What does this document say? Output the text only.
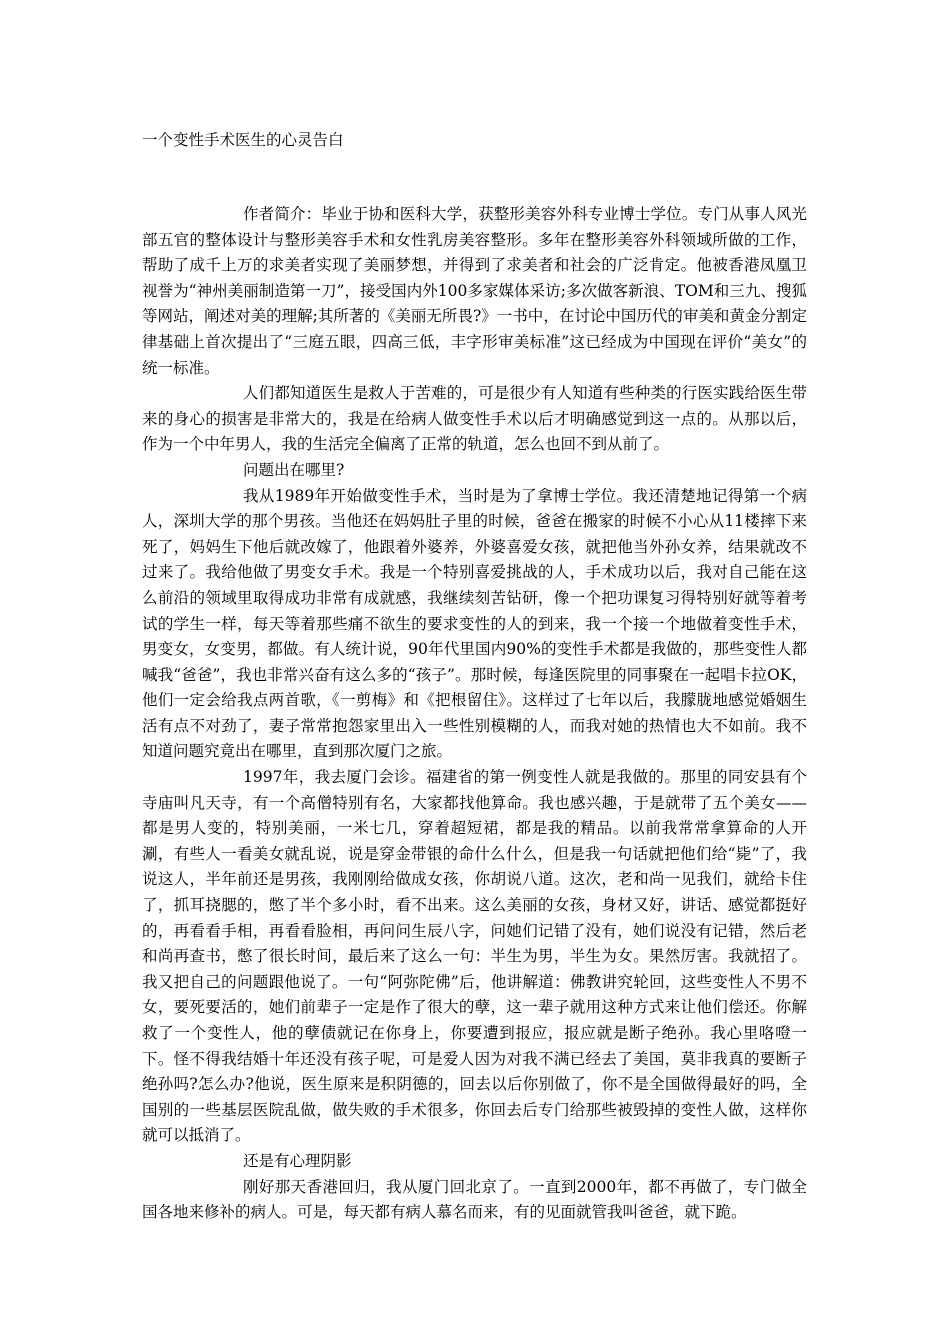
一个变性手术医生的心灵告白

作者简介：毕业于协和医科大学，获整形美容外科专业博士学位。专门从事人风光部五官的整体设计与整形美容手术和女性乳房美容整形。多年在整形美容外科领域所做的工作，帮助了成千上万的求美者实现了美丽梦想，并得到了求美者和社会的广泛肯定。他被香港凤凰卫视誉为“神州美丽制造第一刀”，接受国内外100多家媒体采访;多次做客新浪、TOM和三九、搜狐等网站，阐述对美的理解;其所著的《美丽无所畏?》一书中，在讨论中国历代的审美和黄金分割定律基础上首次提出了“三庭五眼，四高三低，丰字形审美标准”这已经成为中国现在评价“美女”的统一标准。

人们都知道医生是救人于苦难的，可是很少有人知道有些种类的行医实践给医生带来的身心的损害是非常大的，我是在给病人做变性手术以后才明确感觉到这一点的。从那以后，作为一个中年男人，我的生活完全偏离了正常的轨道，怎么也回不到从前了。

问题出在哪里?

我从1989年开始做变性手术，当时是为了拿博士学位。我还清楚地记得第一个病人，深圳大学的那个男孩。当他还在妈妈肚子里的时候，爸爸在搬家的时候不小心从11楼摔下来死了，妈妈生下他后就改嫁了，他跟着外婆养，外婆喜爱女孩，就把他当外孙女养，结果就改不过来了。我给他做了男变女手术。我是一个特别喜爱挑战的人，手术成功以后，我对自己能在这么前沿的领域里取得成功非常有成就感，我继续刻苦钻研，像一个把功课复习得特别好就等着考试的学生一样，每天等着那些痛不欲生的要求变性的人的到来，我一个接一个地做着变性手术，男变女，女变男，都做。有人统计说，90年代里国内90%的变性手术都是我做的，那些变性人都喊我“爸爸”，我也非常兴奋有这么多的“孩子”。那时候，每逢医院里的同事聚在一起唱卡拉OK，他们一定会给我点两首歌，《一剪梅》和《把根留住》。这样过了七年以后，我朦胧地感觉婚姻生活有点不对劲了，妻子常常抱怨家里出入一些性别模糊的人，而我对她的热情也大不如前。我不知道问题究竟出在哪里，直到那次厦门之旅。

1997年，我去厦门会诊。福建省的第一例变性人就是我做的。那里的同安县有个寺庙叫凡天寺，有一个高僧特别有名，大家都找他算命。我也感兴趣，于是就带了五个美女——都是男人变的，特别美丽，一米七几，穿着超短裙，都是我的精品。以前我常常拿算命的人开涮，有些人一看美女就乱说，说是穿金带银的命什么什么，但是我一句话就把他们给“毙”了，我说这人，半年前还是男孩，我刚刚给做成女孩，你胡说八道。这次，老和尚一见我们，就给卡住了，抓耳挠腮的，憋了半个多小时，看不出来。这么美丽的女孩，身材又好，讲话、感觉都挺好的，再看看手相，再看看脸相，再问问生辰八字，问她们记错了没有，她们说没有记错，然后老和尚再查书，憋了很长时间，最后来了这么一句：半生为男，半生为女。果然厉害。我就招了。我又把自己的问题跟他说了。一句“阿弥陀佛”后，他讲解道：佛教讲究轮回，这些变性人不男不女，要死要活的，她们前辈子一定是作了很大的孽，这一辈子就用这种方式来让他们偿还。你解救了一个变性人，他的孽债就记在你身上，你要遭到报应，报应就是断子绝孙。我心里咯噔一下。怪不得我结婚十年还没有孩子呢，可是爱人因为对我不满已经去了美国，莫非我真的要断子绝孙吗?怎么办?他说，医生原来是积阴德的，回去以后你别做了，你不是全国做得最好的吗，全国别的一些基层医院乱做，做失败的手术很多，你回去后专门给那些被毁掉的变性人做，这样你就可以抵消了。

还是有心理阴影

刚好那天香港回归，我从厦门回北京了。一直到2000年，都不再做了，专门做全国各地来修补的病人。可是，每天都有病人慕名而来，有的见面就管我叫爸爸，就下跪。
